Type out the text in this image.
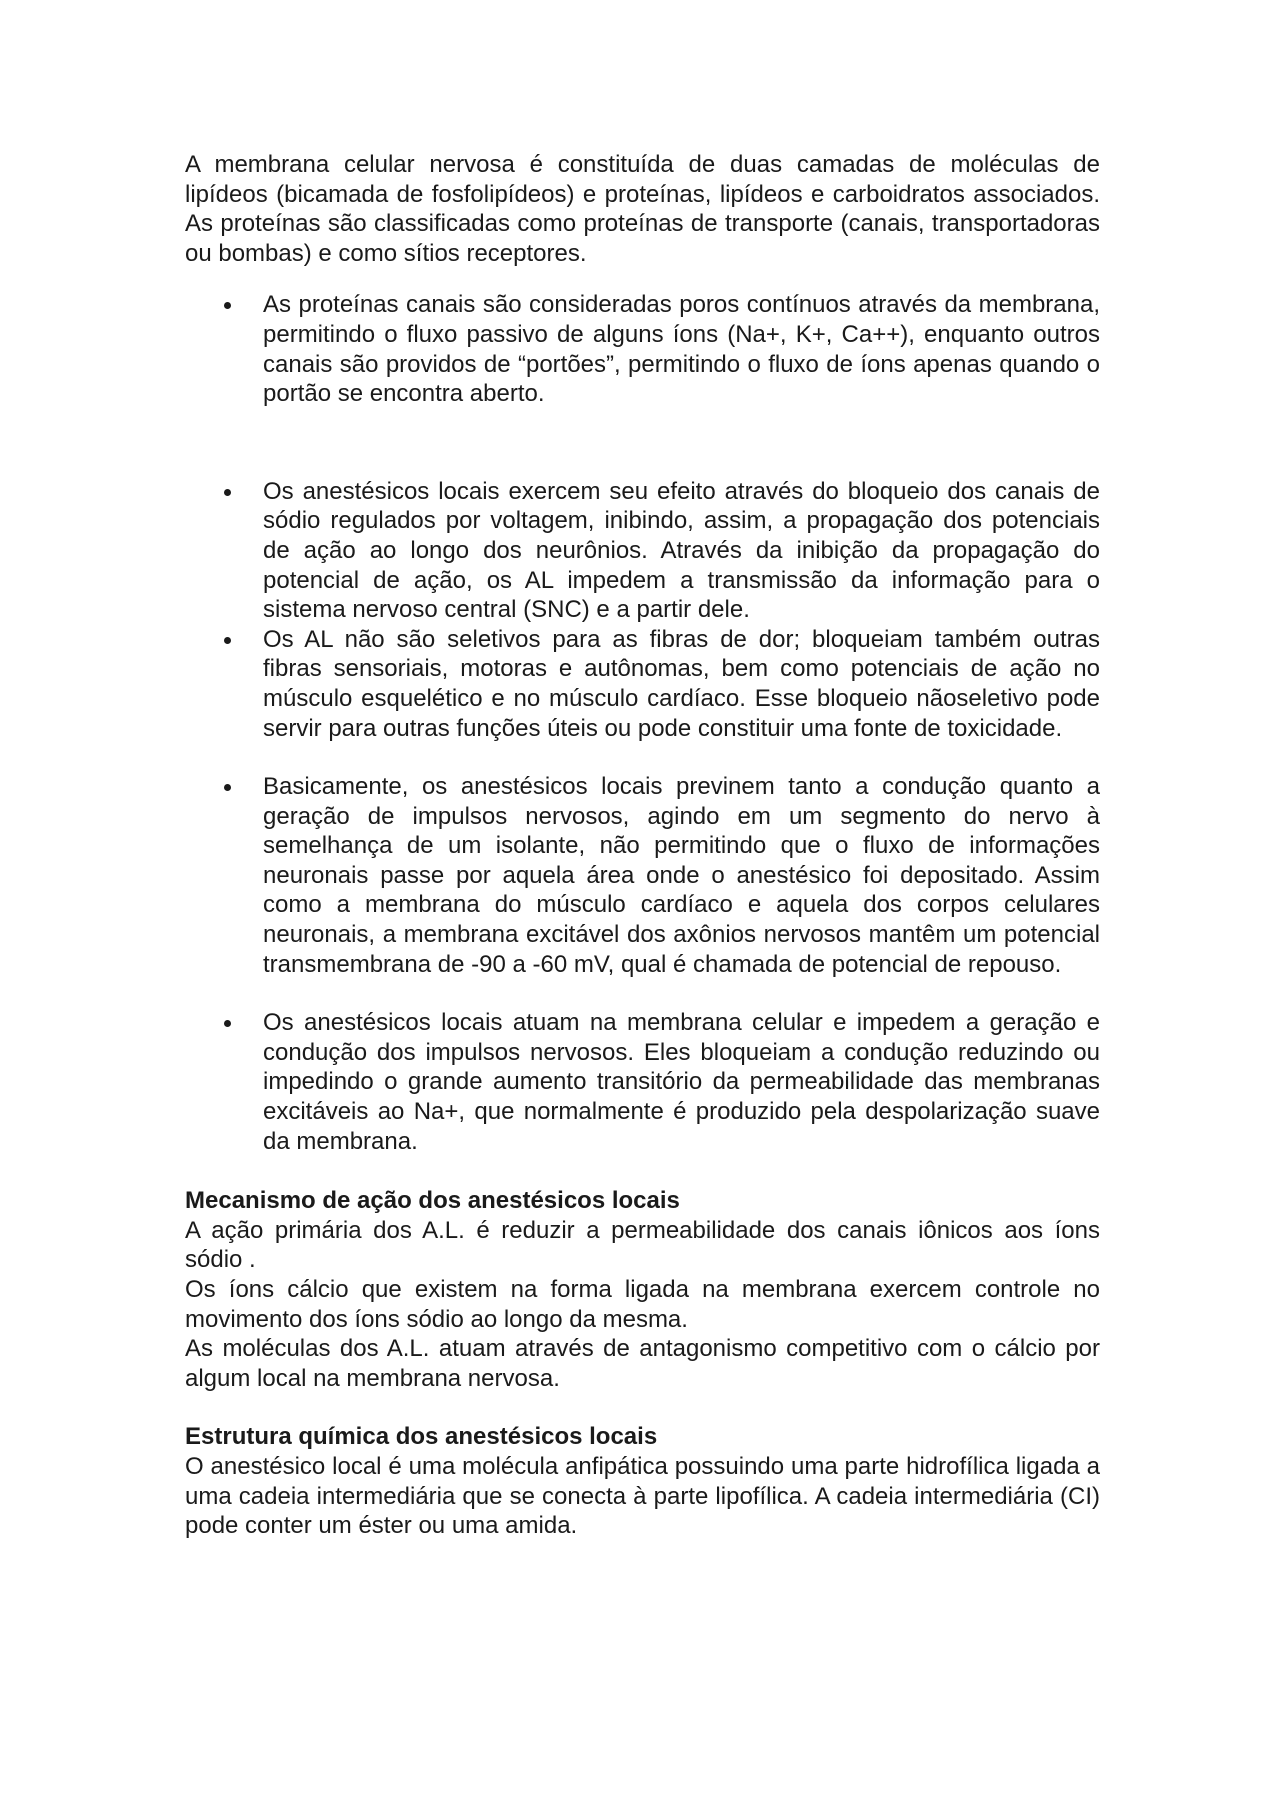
A membrana celular nervosa é constituída de duas camadas de moléculas de lipídeos (bicamada de fosfolipídeos) e proteínas, lipídeos e carboidratos associados. As proteínas são classificadas como proteínas de transporte (canais, transportadoras ou bombas) e como sítios receptores.

As proteínas canais são consideradas poros contínuos através da membrana, permitindo o fluxo passivo de alguns íons (Na+, K+, Ca++), enquanto outros canais são providos de “portões”, permitindo o fluxo de íons apenas quando o portão se encontra aberto.
Os anestésicos locais exercem seu efeito através do bloqueio dos canais de sódio regulados por voltagem, inibindo, assim, a propagação dos potenciais de ação ao longo dos neurônios. Através da inibição da propagação do potencial de ação, os AL impedem a transmissão da informação para o sistema nervoso central (SNC) e a partir dele.
Os AL não são seletivos para as fibras de dor; bloqueiam também outras fibras sensoriais, motoras e autônomas, bem como potenciais de ação no músculo esquelético e no músculo cardíaco. Esse bloqueio nãoseletivo pode servir para outras funções úteis ou pode constituir uma fonte de toxicidade.
Basicamente, os anestésicos locais previnem tanto a condução quanto a geração de impulsos nervosos, agindo em um segmento do nervo à semelhança de um isolante, não permitindo que o fluxo de informações neuronais passe por aquela área onde o anestésico foi depositado. Assim como a membrana do músculo cardíaco e aquela dos corpos celulares neuronais, a membrana excitável dos axônios nervosos mantêm um potencial transmembrana de -90 a -60 mV, qual é chamada de potencial de repouso.
Os anestésicos locais atuam na membrana celular e impedem a geração e condução dos impulsos nervosos. Eles bloqueiam a condução reduzindo ou impedindo o grande aumento transitório da permeabilidade das membranas excitáveis ao Na+, que normalmente é produzido pela despolarização suave da membrana.
Mecanismo de ação dos anestésicos locais

A ação primária dos A.L. é reduzir a permeabilidade dos canais iônicos aos íons sódio .

Os íons cálcio que existem na forma ligada na membrana exercem controle no movimento dos íons sódio ao longo da mesma.

As moléculas dos A.L. atuam através de antagonismo competitivo com o cálcio por algum local na membrana nervosa.

Estrutura química dos anestésicos locais

O anestésico local é uma molécula anfipática possuindo uma parte hidrofílica ligada a uma cadeia intermediária que se conecta à parte lipofílica. A cadeia intermediária (CI) pode conter um éster ou uma amida.
